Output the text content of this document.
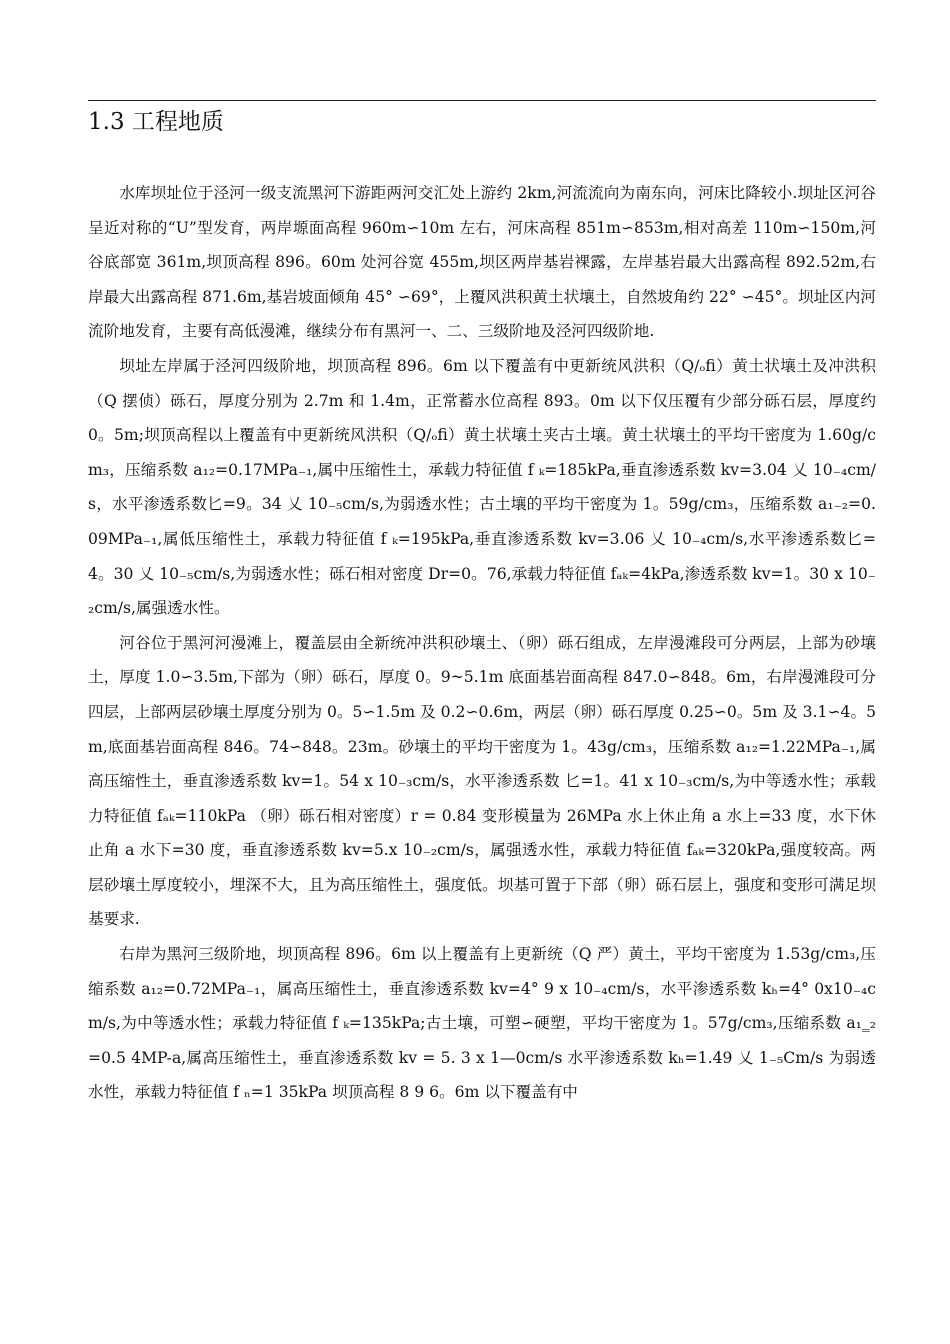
1.3 工程地质

水库坝址位于泾河一级支流黑河下游距两河交汇处上游约 2km,河流流向为南东向，河床比降较小.坝址区河谷呈近对称的“U”型发育，两岸塬面高程 960m∽10m 左右，河床高程 851m∽853m,相对高差 110m∽150m,河谷底部宽 361m,坝顶高程 896。60m 处河谷宽 455m,坝区两岸基岩裸露，左岸基岩最大出露高程 892.52m,右岸最大出露高程 871.6m,基岩坡面倾角 45° ∽69°，上覆风洪积黄土状壤土，自然坡角约 22° ∽45°。坝址区内河流阶地发育，主要有高低漫滩，继续分布有黑河一、二、三级阶地及泾河四级阶地.

坝址左岸属于泾河四级阶地，坝顶高程 896。6m 以下覆盖有中更新统风洪积（Q/ₒfi）黄土状壤土及冲洪积（Q 摆侦）砾石，厚度分别为 2.7m 和 1.4m，正常蓄水位高程 893。0m 以下仅压覆有少部分砾石层，厚度约 0。5m;坝顶高程以上覆盖有中更新统风洪积（Q/ₒfi）黄土状壤土夹古土壤。黄土状壤土的平均干密度为 1.60g/cm₃，压缩系数 a₁₂=0.17MPa₋₁,属中压缩性土，承载力特征值 f ₖ=185kPa,垂直渗透系数 kv=3.04 乂 10₋₄cm/s，水平渗透系数匕=9。34 乂 10₋₅cm/s,为弱透水性；古土壤的平均干密度为 1。59g/cm₃，压缩系数 a₁₋₂=0.09MPa₋₁,属低压缩性土，承载力特征值 f ₖ=195kPa,垂直渗透系数 kv=3.06 乂 10₋₄cm/s,水平渗透系数匕=4。30 乂 10₋₅cm/s,为弱透水性；砾石相对密度 Dr=0。76,承载力特征值 fₐₖ=4kPa,渗透系数 kv=1。30 x 10₋₂cm/s,属强透水性。

河谷位于黑河河漫滩上，覆盖层由全新统冲洪积砂壤土、（卵）砾石组成，左岸漫滩段可分两层，上部为砂壤土，厚度 1.0∽3.5m,下部为（卵）砾石，厚度 0。9~5.1m 底面基岩面高程 847.0∽848。6m，右岸漫滩段可分四层，上部两层砂壤土厚度分别为 0。5∽1.5m 及 0.2∽0.6m，两层（卵）砾石厚度 0.25∽0。5m 及 3.1∽4。5m,底面基岩面高程 846。74∽848。23m。砂壤土的平均干密度为 1。43g/cm₃，压缩系数 a₁₂=1.22MPa₋₁,属高压缩性土，垂直渗透系数 kv=1。54 x 10₋₃cm/s，水平渗透系数 匕=1。41 x 10₋₃cm/s,为中等透水性；承载力特征值 fₐₖ=110kPa （卵）砾石相对密度）r = 0.84 变形模量为 26MPa 水上休止角 a 水上=33 度，水下休止角 a 水下=30 度，垂直渗透系数 kv=5.x 10₋₂cm/s，属强透水性，承载力特征值 fₐₖ=320kPa,强度较高。两层砂壤土厚度较小，埋深不大，且为高压缩性土，强度低。坝基可置于下部（卵）砾石层上，强度和变形可满足坝基要求.

右岸为黑河三级阶地，坝顶高程 896。6m 以上覆盖有上更新统（Q 严）黄土，平均干密度为 1.53g/cm₃,压缩系数 a₁₂=0.72MPa₋₁，属高压缩性土，垂直渗透系数 kv=4° 9 x 10₋₄cm/s，水平渗透系数 kₕ=4° 0x10₋₄cm/s,为中等透水性；承载力特征值 f ₖ=135kPa;古土壤，可塑∽硬塑，平均干密度为 1。57g/cm₃,压缩系数 a₁‗₂=0.5 4MP-a,属高压缩性土，垂直渗透系数 kv = 5. 3 x 1—0cm/s 水平渗透系数 kₕ=1.49 乂 1₋₅Cm/s 为弱透水性，承载力特征值 f ₙ=1 35kPa 坝顶高程 8 9 6。6m 以下覆盖有中
